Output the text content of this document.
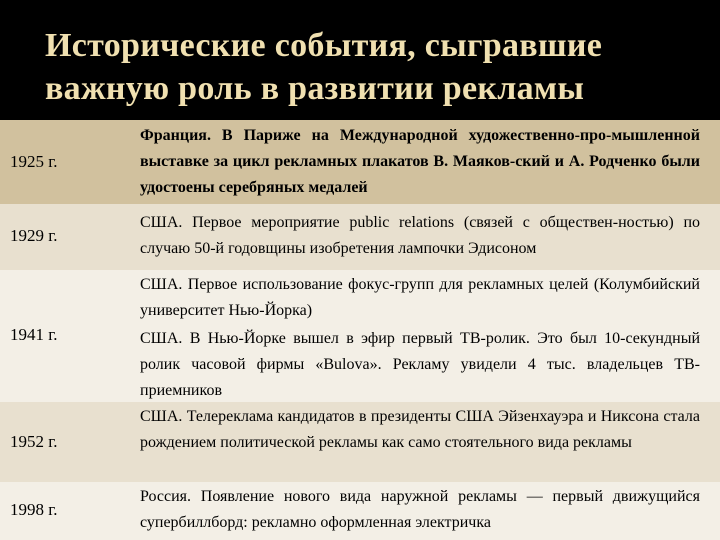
Исторические события, сыгравшие важную роль в развитии рекламы
1925 г.
Франция. В Париже на Международной художественно-про-мышленной выставке за цикл рекламных плакатов В. Маяков-ский и А. Родченко были удостоены серебряных медалей
1929 г.
США. Первое мероприятие public relations (связей с обществен-ностью) по случаю 50-й годовщины изобретения лампочки Эдисоном
1941 г.
США. Первое использование фокус-групп для рекламных целей (Колумбийский университет Нью-Йорка)
США. В Нью-Йорке вышел в эфир первый ТВ-ролик. Это был 10-секундный ролик часовой фирмы «Bulova». Рекламу увидели 4 тыс. владельцев ТВ-приемников
1952 г.
США. Телереклама кандидатов в президенты США Эйзенхауэра и Никсона стала рождением политической рекламы как само стоятельного вида рекламы
1998 г.
Россия. Появление нового вида наружной рекламы — первый движущийся супербиллборд: рекламно оформленная электричка
